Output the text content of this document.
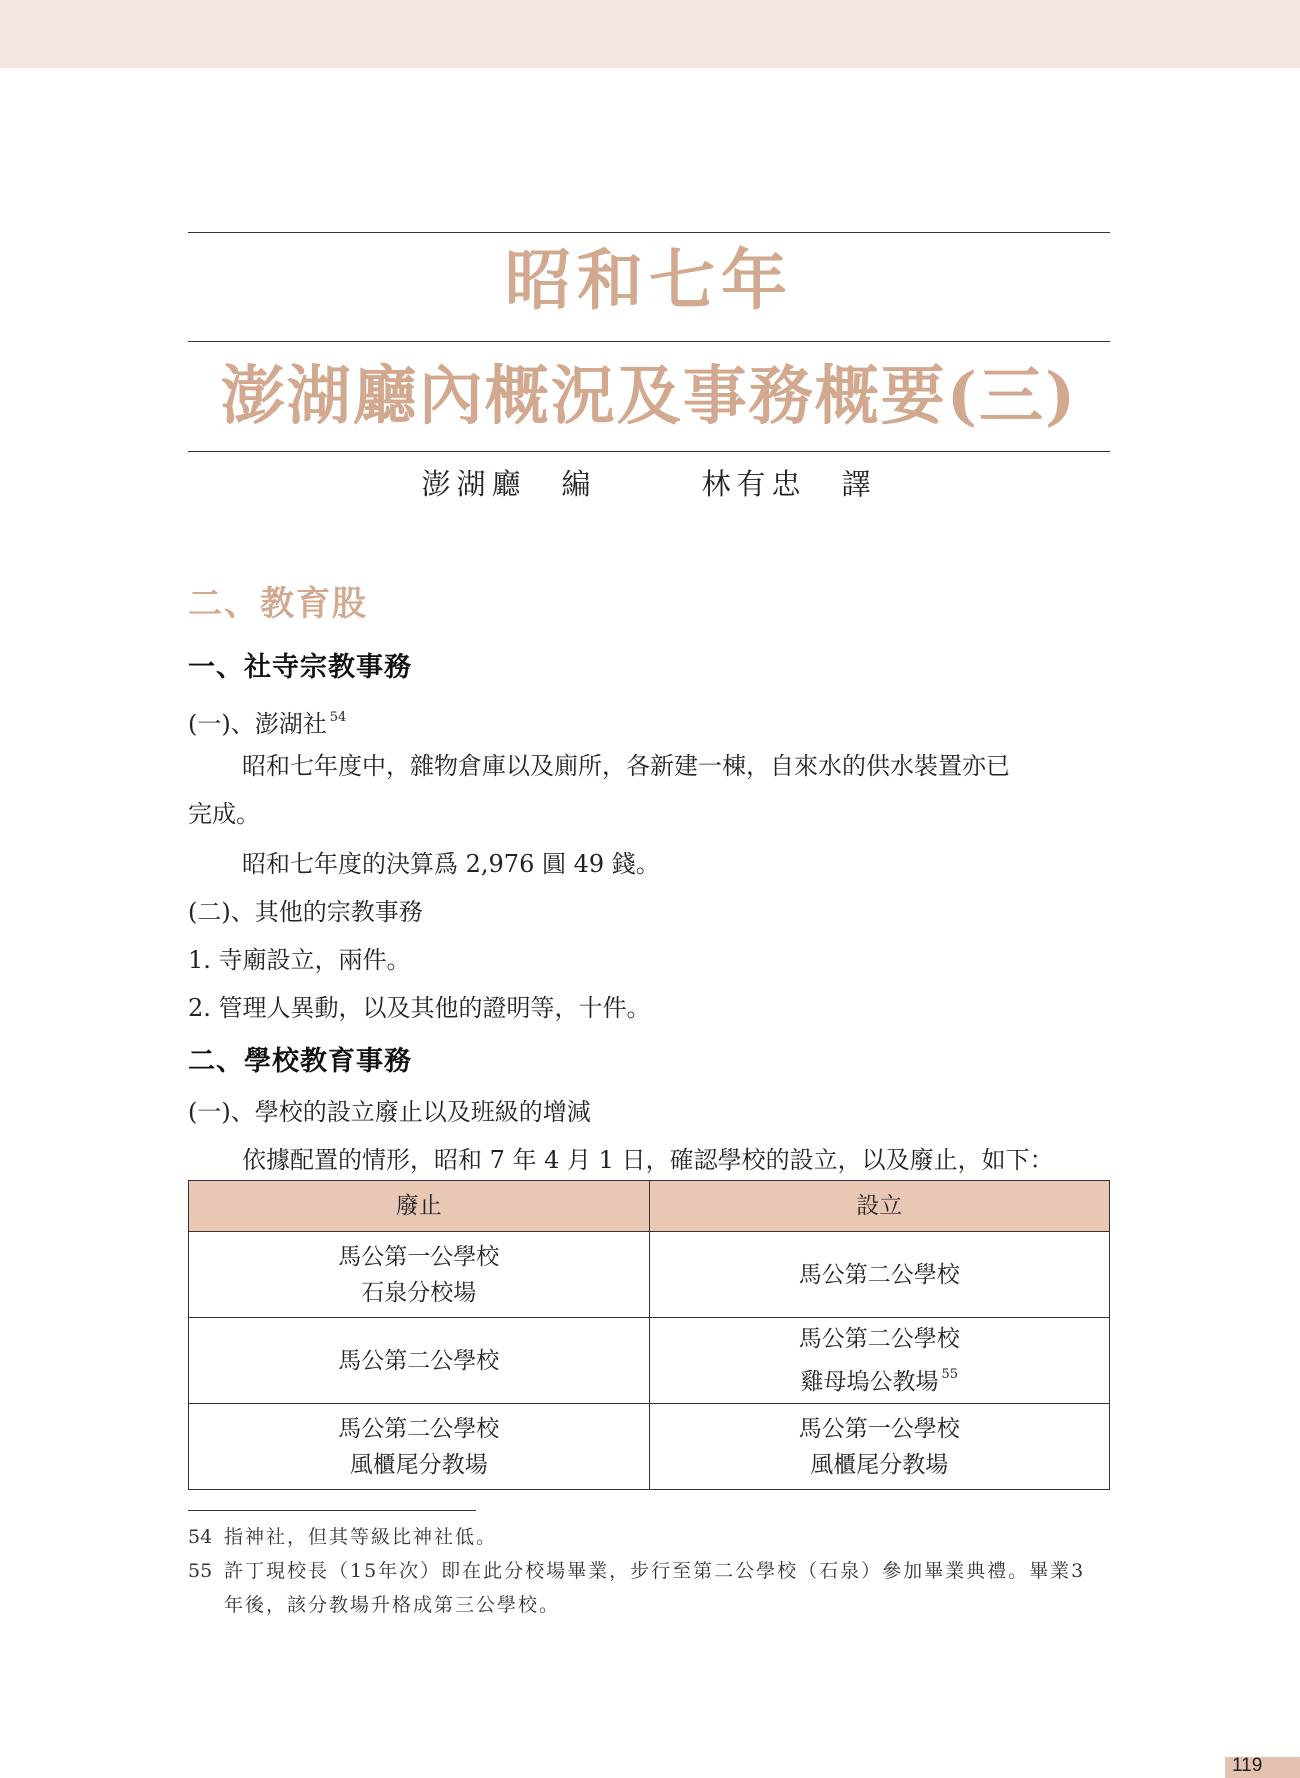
昭和七年
澎湖廳內概況及事務概要(三)
澎湖廳　編　　　林有忠　譯
二、教育股
一、社寺宗教事務
(一)、澎湖社 $^{54}$
昭和七年度中，雜物倉庫以及廁所，各新建一棟，自來水的供水裝置亦已
完成。
昭和七年度的決算爲 2,976 圓 49 錢。
(二)、其他的宗教事務
1. 寺廟設立，兩件。
2. 管理人異動，以及其他的證明等，十件。
二、學校教育事務
(一)、學校的設立廢止以及班級的增減
依據配置的情形，昭和 7 年 4 月 1 日，確認學校的設立，以及廢止，如下：
廢止	設立

馬公第一公學校
石泉分校場	馬公第二公學校

馬公第二公學校	馬公第二公學校
雞母塢公教場 $^{55}$

馬公第二公學校
風櫃尾分教場	馬公第一公學校
風櫃尾分教場
54 指神社，但其等級比神社低。
55 許丁現校長（15年次）即在此分校場畢業，步行至第二公學校（石泉）參加畢業典禮。畢業3
年後，該分教場升格成第三公學校。
119
